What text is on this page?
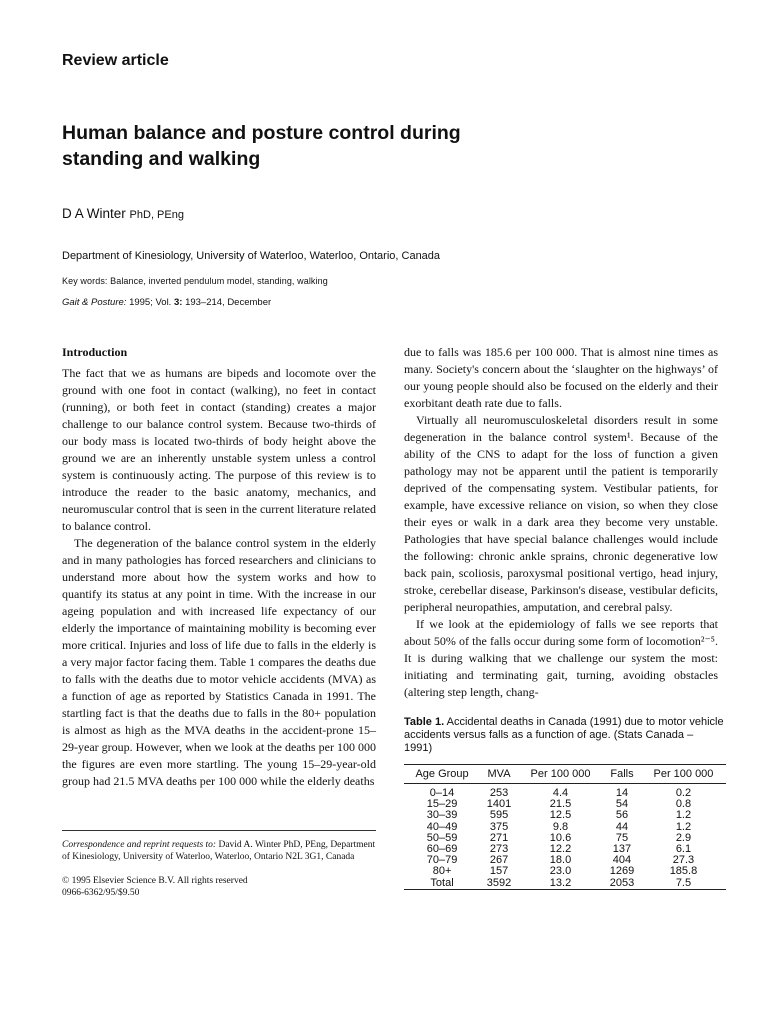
Review article
Human balance and posture control during
standing and walking
D A Winter PhD, PEng
Department of Kinesiology, University of Waterloo, Waterloo, Ontario, Canada
Key words: Balance, inverted pendulum model, standing, walking
Gait & Posture: 1995; Vol. 3: 193–214, December
Introduction

The fact that we as humans are bipeds and locomote over the ground with one foot in contact (walking), no feet in contact (running), or both feet in contact (standing) creates a major challenge to our balance control system. Because two-thirds of our body mass is located two-thirds of body height above the ground we are an inherently unstable system unless a control system is continuously acting. The purpose of this review is to introduce the reader to the basic anatomy, mechanics, and neuromuscular control that is seen in the current literature related to balance control.

The degeneration of the balance control system in the elderly and in many pathologies has forced researchers and clinicians to understand more about how the system works and how to quantify its status at any point in time. With the increase in our ageing population and with increased life expectancy of our elderly the importance of maintaining mobility is becoming ever more critical. Injuries and loss of life due to falls in the elderly is a very major factor facing them. Table 1 compares the deaths due to falls with the deaths due to motor vehicle accidents (MVA) as a function of age as reported by Statistics Canada in 1991. The startling fact is that the deaths due to falls in the 80+ population is almost as high as the MVA deaths in the accident-prone 15–29-year group. However, when we look at the deaths per 100 000 the figures are even more startling. The young 15–29-year-old group had 21.5 MVA deaths per 100 000 while the elderly deaths

Correspondence and reprint requests to: David A. Winter PhD, PEng, Department of Kinesiology, University of Waterloo, Waterloo, Ontario N2L 3G1, Canada
© 1995 Elsevier Science B.V. All rights reserved
0966-6362/95/$9.50

due to falls was 185.6 per 100 000. That is almost nine times as many. Society's concern about the ‘slaughter on the highways’ of our young people should also be focused on the elderly and their exorbitant death rate due to falls.

Virtually all neuromusculoskeletal disorders result in some degeneration in the balance control system¹. Because of the ability of the CNS to adapt for the loss of function a given pathology may not be apparent until the patient is temporarily deprived of the compensating system. Vestibular patients, for example, have excessive reliance on vision, so when they close their eyes or walk in a dark area they become very unstable. Pathologies that have special balance challenges would include the following: chronic ankle sprains, chronic degenerative low back pain, scoliosis, paroxysmal positional vertigo, head injury, stroke, cerebellar disease, Parkinson's disease, vestibular deficits, peripheral neuropathies, amputation, and cerebral palsy.

If we look at the epidemiology of falls we see reports that about 50% of the falls occur during some form of locomotion²⁻⁵. It is during walking that we challenge our system the most: initiating and terminating gait, turning, avoiding obstacles (altering step length, chang-

Table 1. Accidental deaths in Canada (1991) due to motor vehicle accidents versus falls as a function of age. (Stats Canada – 1991)
Age Group	MVA	Per 100 000	Falls	Per 100 000
0–14	253	4.4	14	0.2
15–29	1401	21.5	54	0.8
30–39	595	12.5	56	1.2
40–49	375	9.8	44	1.2
50–59	271	10.6	75	2.9
60–69	273	12.2	137	6.1
70–79	267	18.0	404	27.3
80+	157	23.0	1269	185.8
Total	3592	13.2	2053	7.5
